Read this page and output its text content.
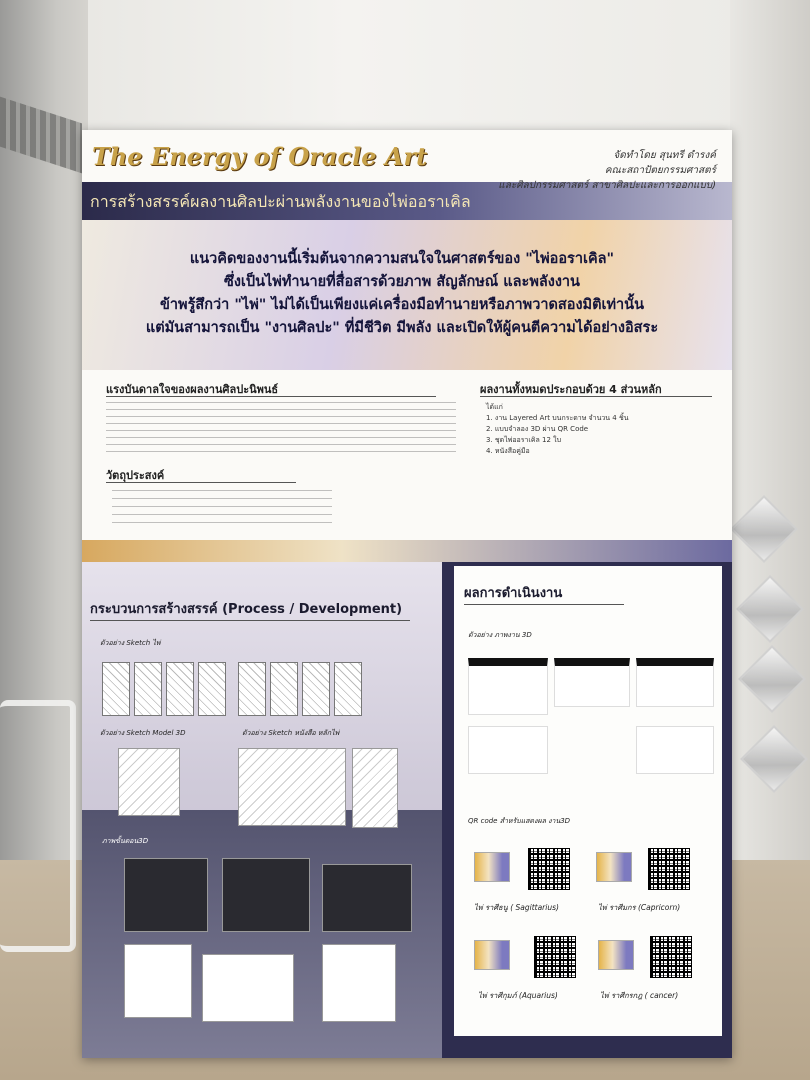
The Energy of Oracle Art
การสร้างสรรค์ผลงานศิลปะผ่านพลังงานของไพ่ออราเคิล
จัดทำโดย สุนทรี ดำรงค์
คณะสถาปัตยกรรมศาสตร์
และศิลปกรรมศาสตร์ สาขาศิลปะและการออกแบบ)
แนวคิดของงานนี้เริ่มต้นจากความสนใจในศาสตร์ของ "ไพ่ออราเคิล"
ซึ่งเป็นไพ่ทำนายที่สื่อสารด้วยภาพ สัญลักษณ์ และพลังงาน
ข้าพรู้สึกว่า "ไพ่" ไม่ได้เป็นเพียงแค่เครื่องมือทำนายหรือภาพวาดสองมิติเท่านั้น
แต่มันสามารถเป็น "งานศิลปะ" ที่มีชีวิต มีพลัง และเปิดให้ผู้คนตีความได้อย่างอิสระ
แรงบันดาลใจของผลงานศิลปะนิพนธ์
วัตถุประสงค์
ผลงานทั้งหมดประกอบด้วย 4 ส่วนหลัก
ได้แก่
1. งาน Layered Art บนกระดาษ จำนวน 4 ชิ้น
2. แบบจำลอง 3D ผ่าน QR Code
3. ชุดไพ่ออราเคิล 12 ใบ
4. หนังสือคู่มือ
กระบวนการสร้างสรรค์ (Process / Development)
ตัวอย่าง Sketch ไพ่
ตัวอย่าง Sketch Model 3D	ตัวอย่าง Sketch หนังสือ หลักไพ่
ภาพขั้นตอน3D
ผลการดำเนินงาน
ตัวอย่าง ภาพงาน 3D
QR code สำหรับแสดงผล งาน3D
ไพ่ ราศีธนู ( Sagittarius)	ไพ่ ราศีมกร (Capricorn)
ไพ่ ราศีกุมภ์ (Aquarius)	ไพ่ ราศีกรกฎ ( cancer)
